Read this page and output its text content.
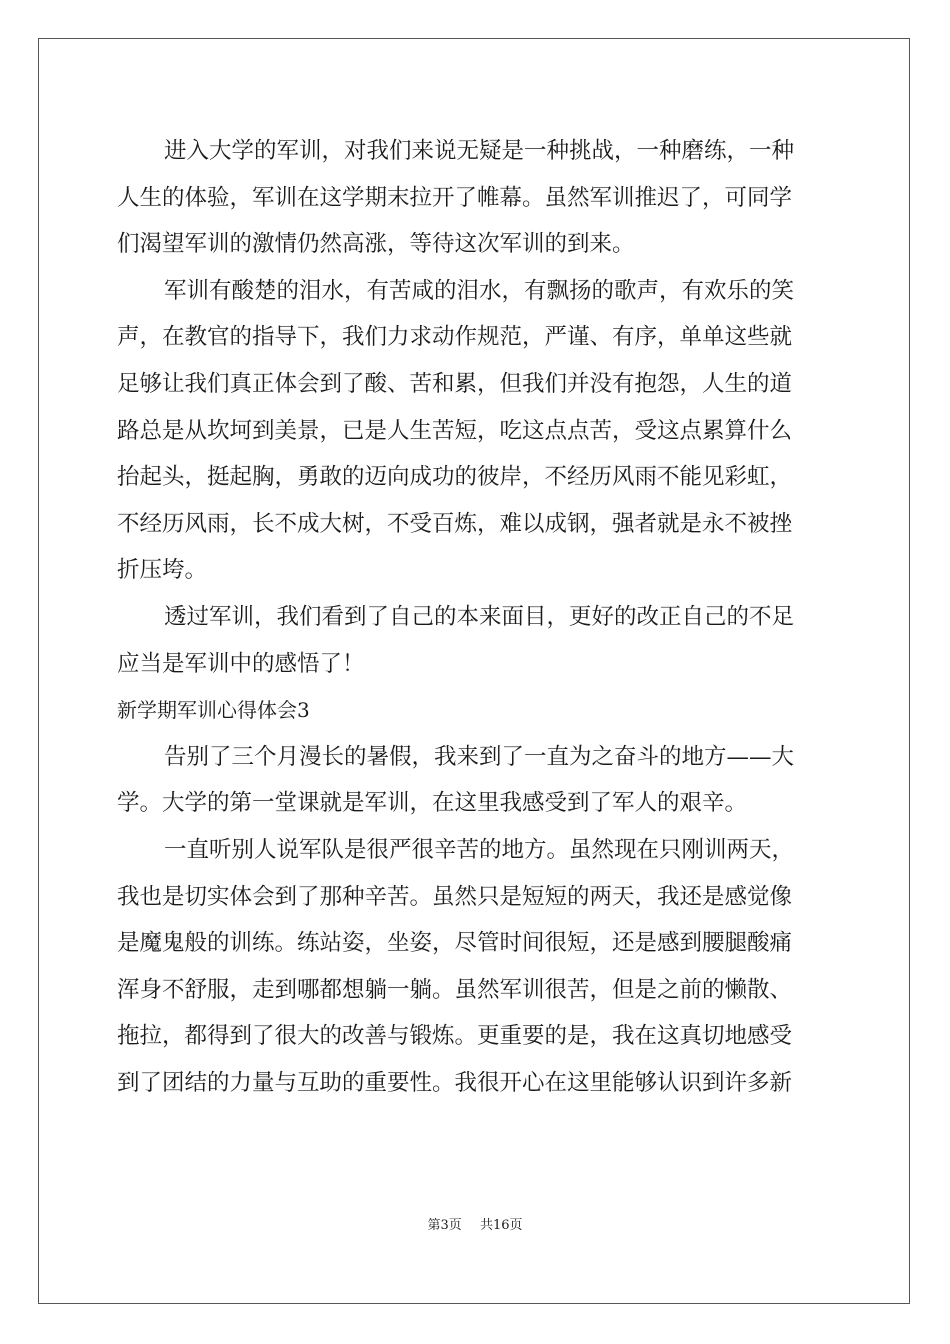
进入大学的军训，对我们来说无疑是一种挑战，一种磨练，一种
人生的体验，军训在这学期末拉开了帷幕。虽然军训推迟了，可同学
们渴望军训的激情仍然高涨，等待这次军训的到来。
军训有酸楚的泪水，有苦咸的泪水，有飘扬的歌声，有欢乐的笑
声，在教官的指导下，我们力求动作规范，严谨、有序，单单这些就
足够让我们真正体会到了酸、苦和累，但我们并没有抱怨，人生的道
路总是从坎坷到美景，已是人生苦短，吃这点点苦，受这点累算什么
抬起头，挺起胸，勇敢的迈向成功的彼岸，不经历风雨不能见彩虹，
不经历风雨，长不成大树，不受百炼，难以成钢，强者就是永不被挫
折压垮。
透过军训，我们看到了自己的本来面目，更好的改正自己的不足
应当是军训中的感悟了！
新学期军训心得体会3
告别了三个月漫长的暑假，我来到了一直为之奋斗的地方——大
学。大学的第一堂课就是军训，在这里我感受到了军人的艰辛。
一直听别人说军队是很严很辛苦的地方。虽然现在只刚训两天，
我也是切实体会到了那种辛苦。虽然只是短短的两天，我还是感觉像
是魔鬼般的训练。练站姿，坐姿，尽管时间很短，还是感到腰腿酸痛
浑身不舒服，走到哪都想躺一躺。虽然军训很苦，但是之前的懒散、
拖拉，都得到了很大的改善与锻炼。更重要的是，我在这真切地感受
到了团结的力量与互助的重要性。我很开心在这里能够认识到许多新
第3页 共16页
